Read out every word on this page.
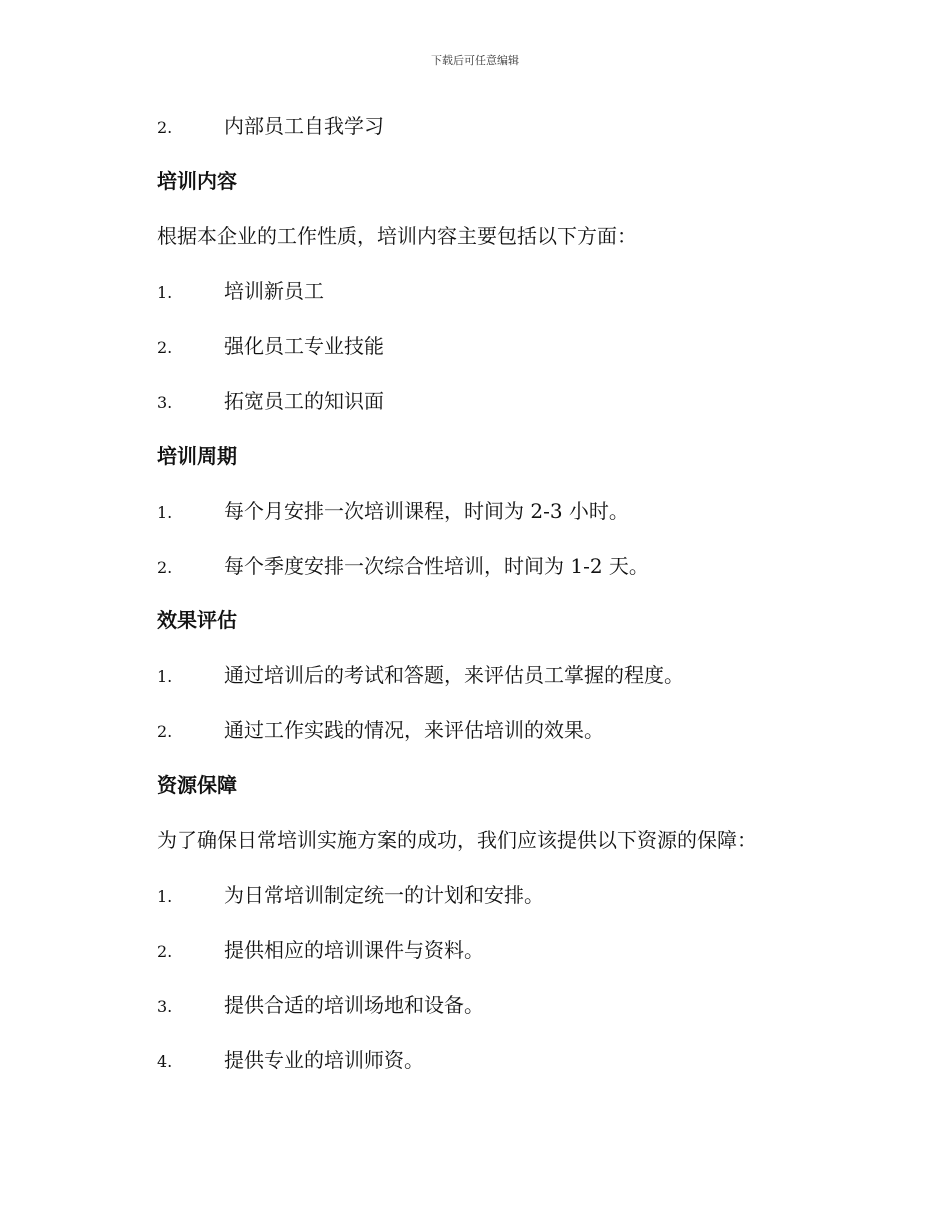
下载后可任意编辑
2.	内部员工自我学习
培训内容
根据本企业的工作性质，培训内容主要包括以下方面：
1.	培训新员工
2.	强化员工专业技能
3.	拓宽员工的知识面
培训周期
1.	每个月安排一次培训课程，时间为 2-3 小时。
2.	每个季度安排一次综合性培训，时间为 1-2 天。
效果评估
1.	通过培训后的考试和答题，来评估员工掌握的程度。
2.	通过工作实践的情况，来评估培训的效果。
资源保障
为了确保日常培训实施方案的成功，我们应该提供以下资源的保障：
1.	为日常培训制定统一的计划和安排。
2.	提供相应的培训课件与资料。
3.	提供合适的培训场地和设备。
4.	提供专业的培训师资。
